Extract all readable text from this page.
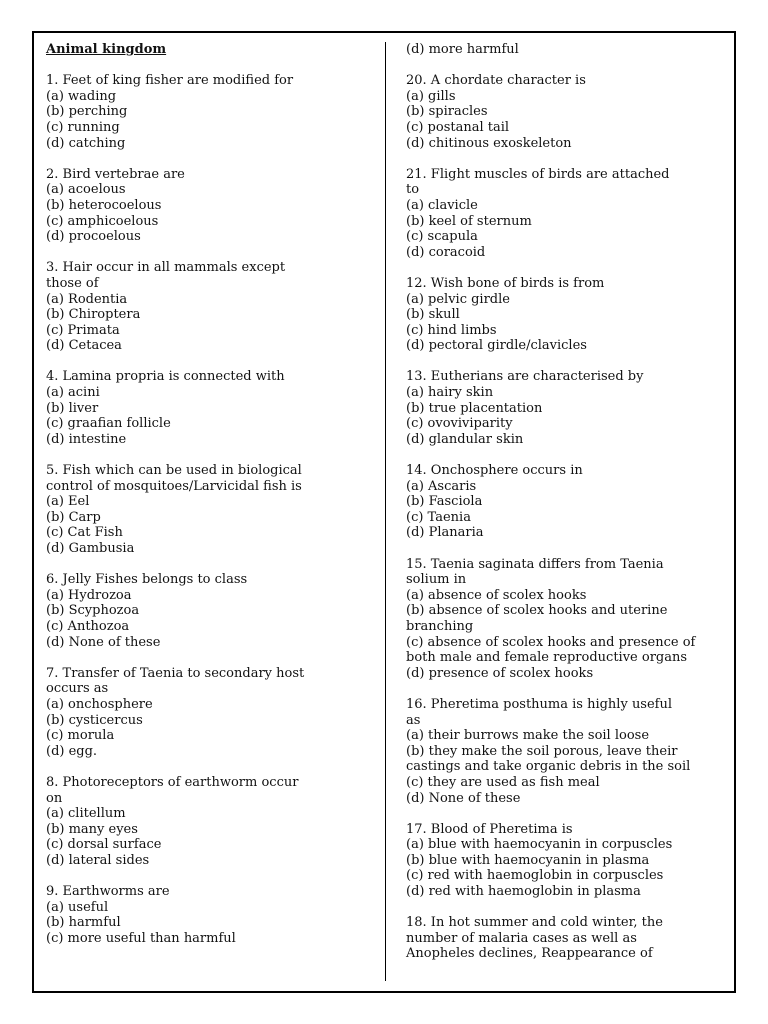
Animal kingdom
1. Feet of king fisher are modified for
(a) wading
(b) perching
(c) running
(d) catching
2. Bird vertebrae are
(a) acoelous
(b) heterocoelous
(c) amphicoelous
(d) procoelous
3. Hair occur in all mammals except
those of
(a) Rodentia
(b) Chiroptera
(c) Primata
(d) Cetacea
4. Lamina propria is connected with
(a) acini
(b) liver
(c) graafian follicle
(d) intestine
5. Fish which can be used in biological
control of mosquitoes/Larvicidal fish is
(a) Eel
(b) Carp
(c) Cat Fish
(d) Gambusia
6. Jelly Fishes belongs to class
(a) Hydrozoa
(b) Scyphozoa
(c) Anthozoa
(d) None of these
7. Transfer of Taenia to secondary host
occurs as
(a) onchosphere
(b) cysticercus
(c) morula
(d) egg.
8. Photoreceptors of earthworm occur
on
(a) clitellum
(b) many eyes
(c) dorsal surface
(d) lateral sides
9. Earthworms are
(a) useful
(b) harmful
(c) more useful than harmful
(d) more harmful
20. A chordate character is
(a) gills
(b) spiracles
(c) postanal tail
(d) chitinous exoskeleton
21. Flight muscles of birds are attached
to
(a) clavicle
(b) keel of sternum
(c) scapula
(d) coracoid
12. Wish bone of birds is from
(a) pelvic girdle
(b) skull
(c) hind limbs
(d) pectoral girdle/clavicles
13. Eutherians are characterised by
(a) hairy skin
(b) true placentation
(c) ovoviviparity
(d) glandular skin
14. Onchosphere occurs in
(a) Ascaris
(b) Fasciola
(c) Taenia
(d) Planaria
15. Taenia saginata differs from Taenia
solium in
(a) absence of scolex hooks
(b) absence of scolex hooks and uterine
branching
(c) absence of scolex hooks and presence of
both male and female reproductive organs
(d) presence of scolex hooks
16. Pheretima posthuma is highly useful
as
(a) their burrows make the soil loose
(b) they make the soil porous, leave their
castings and take organic debris in the soil
(c) they are used as fish meal
(d) None of these
17. Blood of Pheretima is
(a) blue with haemocyanin in corpuscles
(b) blue with haemocyanin in plasma
(c) red with haemoglobin in corpuscles
(d) red with haemoglobin in plasma
18. In hot summer and cold winter, the
number of malaria cases as well as
Anopheles declines, Reappearance of
